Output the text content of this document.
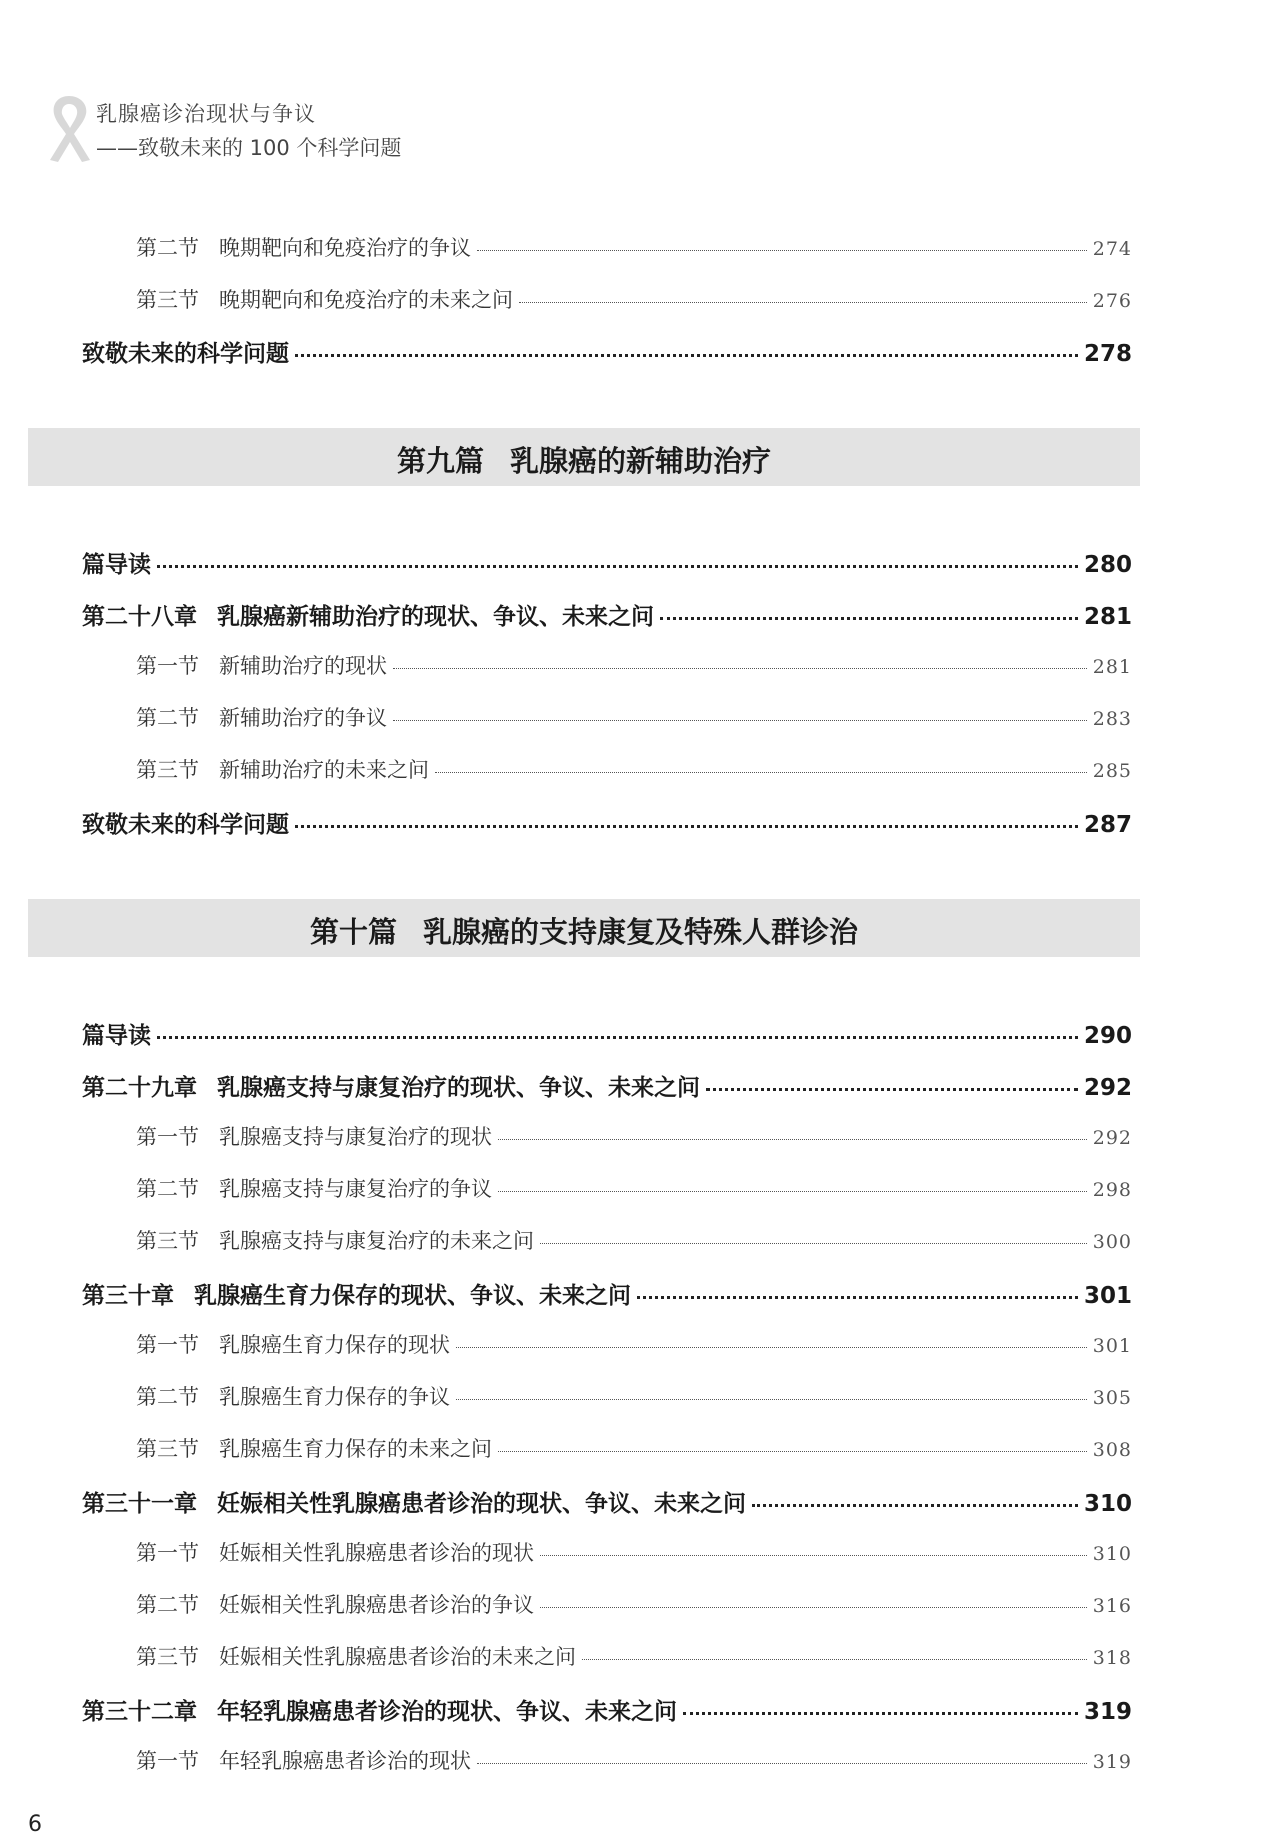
乳腺癌诊治现状与争议
——致敬未来的 100 个科学问题
第二节 晚期靶向和免疫治疗的争议	274
第三节 晚期靶向和免疫治疗的未来之问	276
致敬未来的科学问题	278
第九篇 乳腺癌的新辅助治疗
篇导读	280
第二十八章 乳腺癌新辅助治疗的现状、争议、未来之问	281
第一节 新辅助治疗的现状	281
第二节 新辅助治疗的争议	283
第三节 新辅助治疗的未来之问	285
致敬未来的科学问题	287
第十篇 乳腺癌的支持康复及特殊人群诊治
篇导读	290
第二十九章 乳腺癌支持与康复治疗的现状、争议、未来之问	292
第一节 乳腺癌支持与康复治疗的现状	292
第二节 乳腺癌支持与康复治疗的争议	298
第三节 乳腺癌支持与康复治疗的未来之问	300
第三十章 乳腺癌生育力保存的现状、争议、未来之问	301
第一节 乳腺癌生育力保存的现状	301
第二节 乳腺癌生育力保存的争议	305
第三节 乳腺癌生育力保存的未来之问	308
第三十一章 妊娠相关性乳腺癌患者诊治的现状、争议、未来之问	310
第一节 妊娠相关性乳腺癌患者诊治的现状	310
第二节 妊娠相关性乳腺癌患者诊治的争议	316
第三节 妊娠相关性乳腺癌患者诊治的未来之问	318
第三十二章 年轻乳腺癌患者诊治的现状、争议、未来之问	319
第一节 年轻乳腺癌患者诊治的现状	319
6
